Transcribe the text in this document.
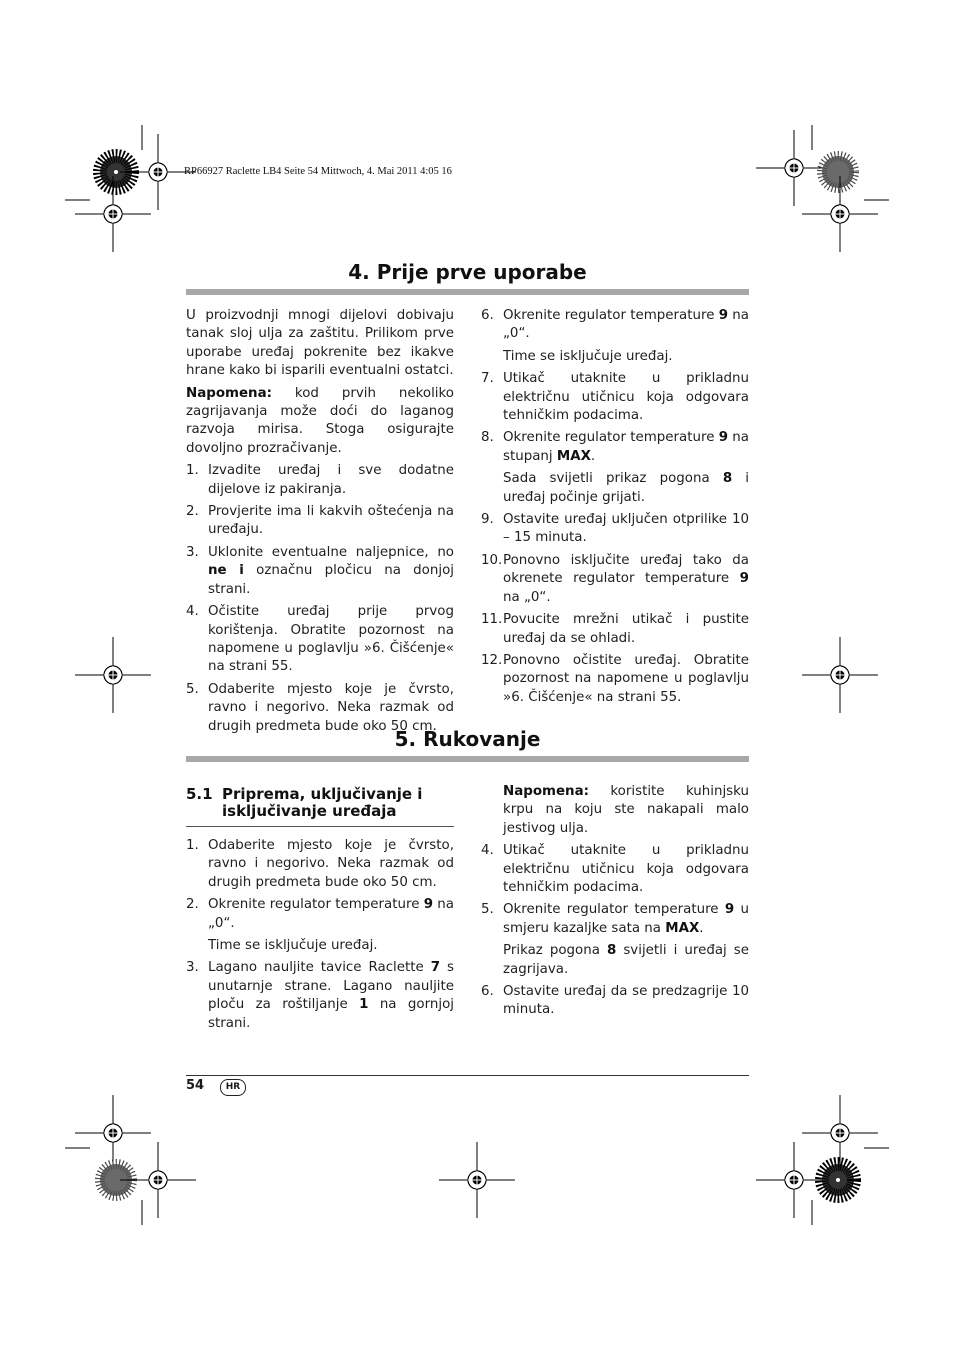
RP66927 Raclette LB4 Seite 54 Mittwoch, 4. Mai 2011 4:05 16
4. Prije prve uporabe

U proizvodnji mnogi dijelovi dobivaju tanak sloj ulja za zaštitu. Prilikom prve uporabe uređaj pokrenite bez ikakve hrane kako bi isparili eventualni ostatci.

Napomena: kod prvih nekoliko zagrijavanja može doći do laganog razvoja mirisa. Stoga osigurajte dovoljno prozračivanje.

1. Izvadite uređaj i sve dodatne dijelove iz pakiranja.
2. Provjerite ima li kakvih oštećenja na uređaju.
3. Uklonite eventualne naljepnice, no ne i označnu pločicu na donjoj strani.
4. Očistite uređaj prije prvog korištenja. Obratite pozornost na napomene u poglavlju »6. Čišćenje« na strani 55.
5. Odaberite mjesto koje je čvrsto, ravno i negorivo. Neka razmak od drugih predmeta bude oko 50 cm.
6. Okrenite regulator temperature 9 na „0“.

Time se isključuje uređaj.

7. Utikač utaknite u prikladnu električnu utičnicu koja odgovara tehničkim podacima.
8. Okrenite regulator temperature 9 na stupanj MAX.

Sada svijetli prikaz pogona 8 i uređaj počinje grijati.

9. Ostavite uređaj uključen otprilike 10 – 15 minuta.
10. Ponovno isključite uređaj tako da okrenete regulator temperature 9 na „0“.
11. Povucite mrežni utikač i pustite uređaj da se ohladi.
12. Ponovno očistite uređaj. Obratite pozornost na napomene u poglavlju »6. Čišćenje« na strani 55.
5. Rukovanje
5.1 Priprema, uključivanje i isključivanje uređaja
1. Odaberite mjesto koje je čvrsto, ravno i negorivo. Neka razmak od drugih predmeta bude oko 50 cm.
2. Okrenite regulator temperature 9 na „0“.

Time se isključuje uređaj.

3. Lagano nauljite tavice Raclette 7 s unutarnje strane. Lagano nauljite ploču za roštiljanje 1 na gornjoj strani.

Napomena: koristite kuhinjsku krpu na koju ste nakapali malo jestivog ulja.

4. Utikač utaknite u prikladnu električnu utičnicu koja odgovara tehničkim podacima.
5. Okrenite regulator temperature 9 u smjeru kazaljke sata na MAX.

Prikaz pogona 8 svijetli i uređaj se zagrijava.

6. Ostavite uređaj da se predzagrije 10 minuta.
54	HR
